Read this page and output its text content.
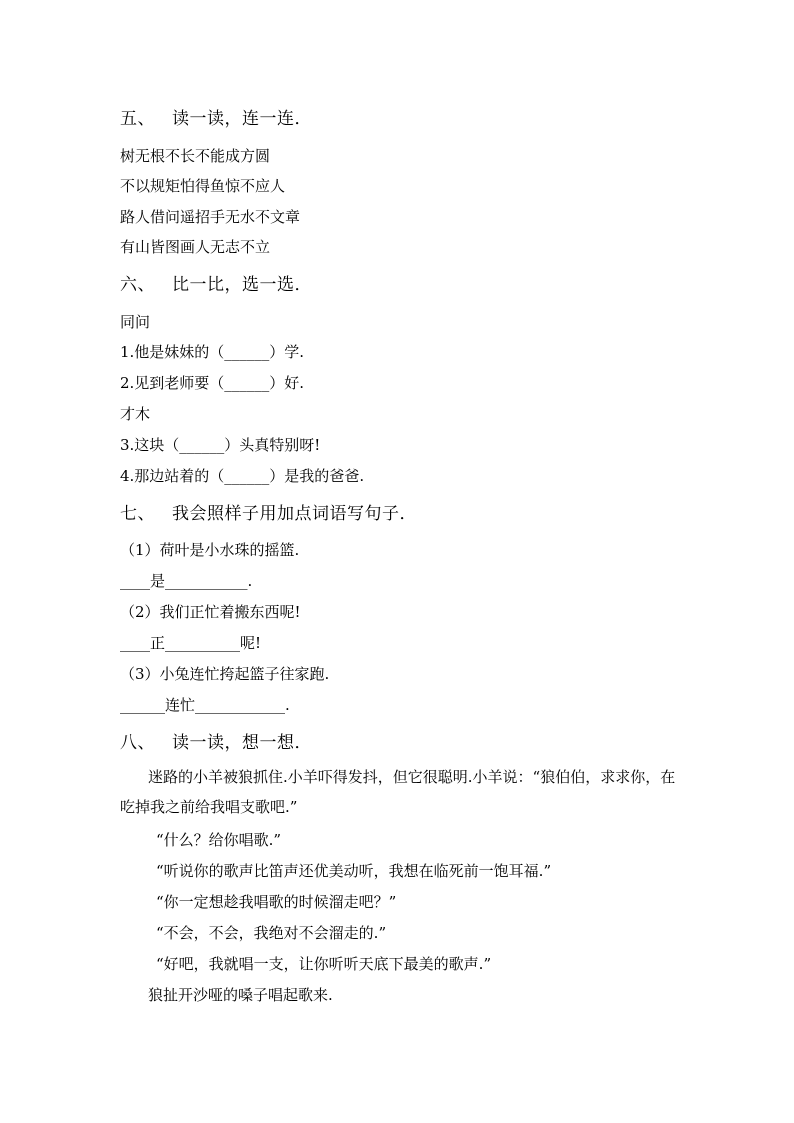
五、 读一读，连一连．
树无根不长不能成方圆
不以规矩怕得鱼惊不应人
路人借问遥招手无水不文章
有山皆图画人无志不立
六、 比一比，选一选．
同问
1.他是妹妹的（______）学.
2.见到老师要（______）好.
才木
3.这块（______）头真特别呀!
4.那边站着的（______）是我的爸爸.
七、 我会照样子用加点词语写句子．
（1）荷叶是小水珠的摇篮.
____是___________.
（2）我们正忙着搬东西呢!
____正__________呢!
（3）小兔连忙挎起篮子往家跑.
______连忙____________.
八、 读一读，想一想．
迷路的小羊被狼抓住.小羊吓得发抖，但它很聪明.小羊说：“狼伯伯，求求你，在吃掉我之前给我唱支歌吧.”
“什么？给你唱歌.”
“听说你的歌声比笛声还优美动听，我想在临死前一饱耳福.”
“你一定想趁我唱歌的时候溜走吧？”
“不会，不会，我绝对不会溜走的.”
“好吧，我就唱一支，让你听听天底下最美的歌声.”
狼扯开沙哑的嗓子唱起歌来.
